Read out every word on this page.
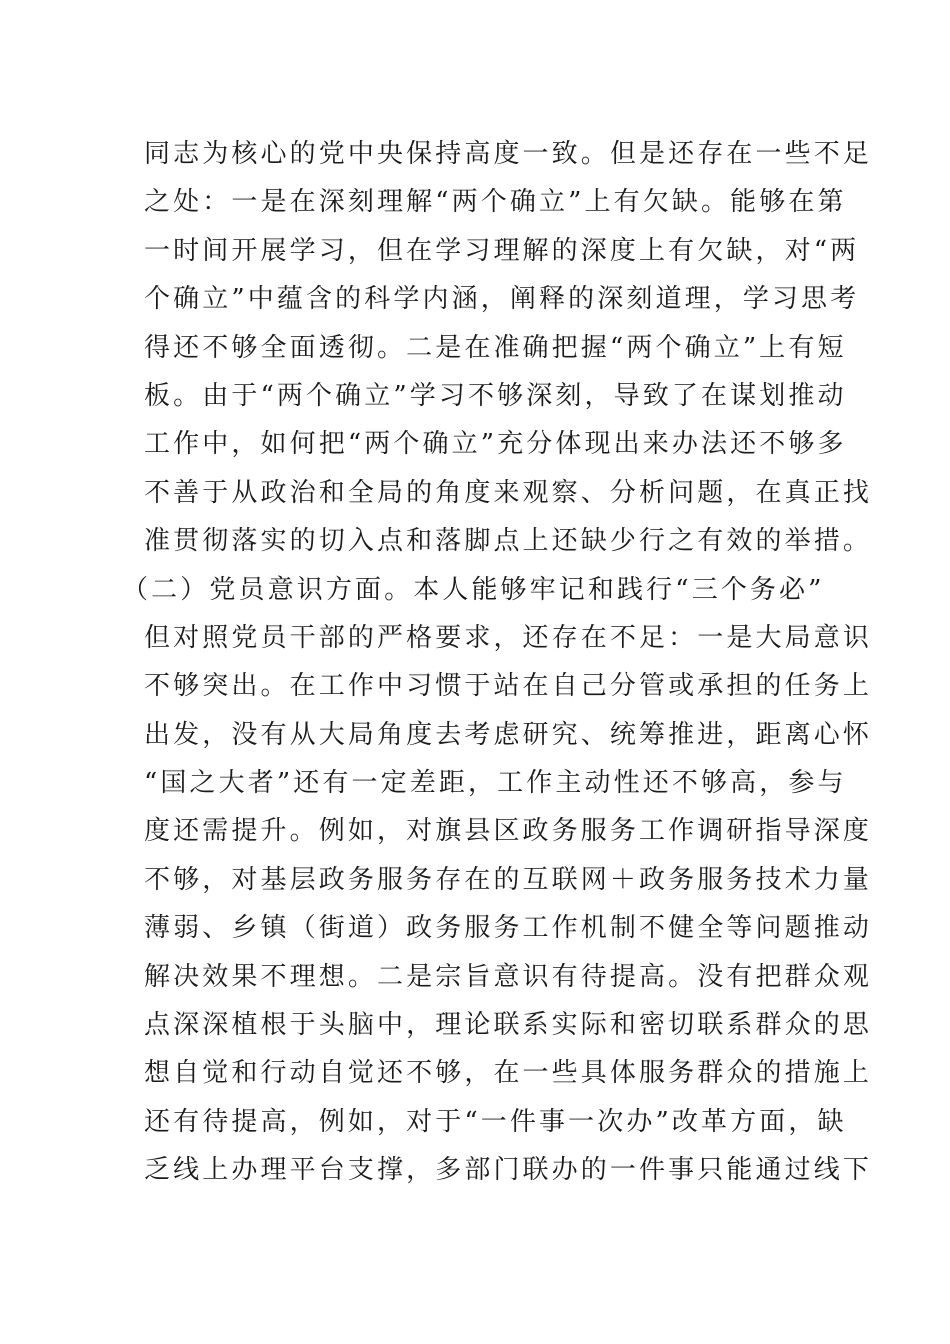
同志为核心的党中央保持高度一致。但是还存在一些不足
之处：一是在深刻理解“两个确立”上有欠缺。能够在第
一时间开展学习，但在学习理解的深度上有欠缺，对“两
个确立”中蕴含的科学内涵，阐释的深刻道理，学习思考
得还不够全面透彻。二是在准确把握“两个确立”上有短
板。由于“两个确立”学习不够深刻，导致了在谋划推动
工作中，如何把“两个确立”充分体现出来办法还不够多
不善于从政治和全局的角度来观察、分析问题，在真正找
准贯彻落实的切入点和落脚点上还缺少行之有效的举措。
（二）党员意识方面。本人能够牢记和践行“三个务必”
但对照党员干部的严格要求，还存在不足：一是大局意识
不够突出。在工作中习惯于站在自己分管或承担的任务上
出发，没有从大局角度去考虑研究、统筹推进，距离心怀
“国之大者”还有一定差距，工作主动性还不够高，参与
度还需提升。例如，对旗县区政务服务工作调研指导深度
不够，对基层政务服务存在的互联网＋政务服务技术力量
薄弱、乡镇（街道）政务服务工作机制不健全等问题推动
解决效果不理想。二是宗旨意识有待提高。没有把群众观
点深深植根于头脑中，理论联系实际和密切联系群众的思
想自觉和行动自觉还不够，在一些具体服务群众的措施上
还有待提高，例如，对于“一件事一次办”改革方面，缺
乏线上办理平台支撑，多部门联办的一件事只能通过线下
